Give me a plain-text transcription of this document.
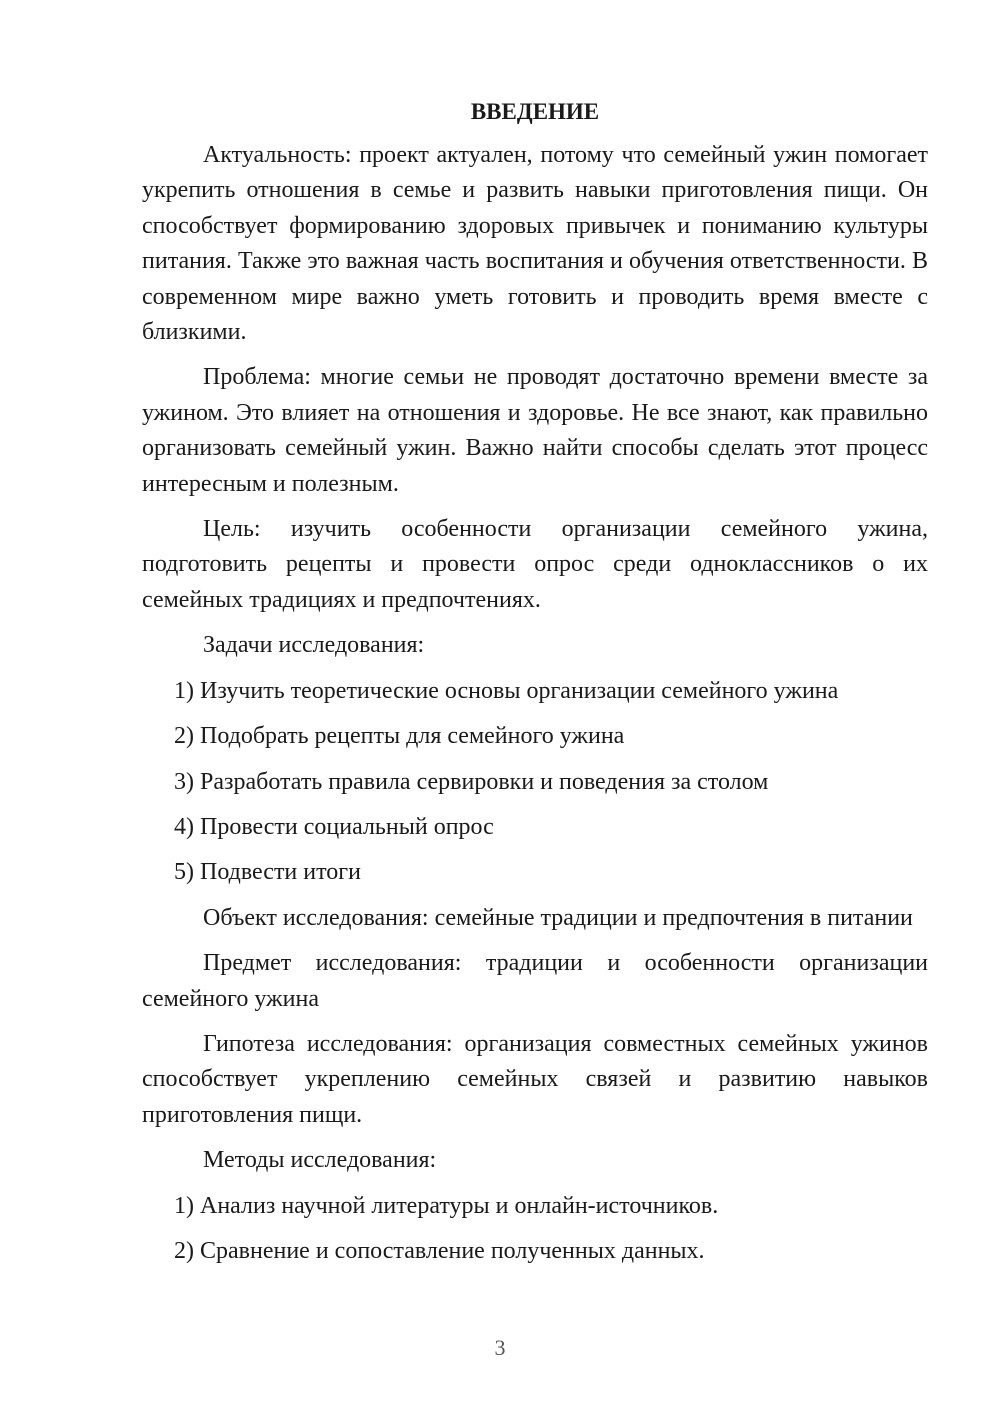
ВВЕДЕНИЕ

Актуальность: проект актуален, потому что семейный ужин помогает укрепить отношения в семье и развить навыки приготовления пищи. Он способствует формированию здоровых привычек и пониманию культуры питания. Также это важная часть воспитания и обучения ответственности. В современном мире важно уметь готовить и проводить время вместе с близкими.

Проблема: многие семьи не проводят достаточно времени вместе за ужином. Это влияет на отношения и здоровье. Не все знают, как правильно организовать семейный ужин. Важно найти способы сделать этот процесс интересным и полезным.

Цель: изучить особенности организации семейного ужина, подготовить рецепты и провести опрос среди одноклассников о их семейных традициях и предпочтениях.

Задачи исследования:
1) Изучить теоретические основы организации семейного ужина
2) Подобрать рецепты для семейного ужина
3) Разработать правила сервировки и поведения за столом
4) Провести социальный опрос
5) Подвести итоги

Объект исследования: семейные традиции и предпочтения в питании

Предмет исследования: традиции и особенности организации семейного ужина

Гипотеза исследования: организация совместных семейных ужинов способствует укреплению семейных связей и развитию навыков приготовления пищи.

Методы исследования:
1) Анализ научной литературы и онлайн-источников.
2) Сравнение и сопоставление полученных данных.
3
